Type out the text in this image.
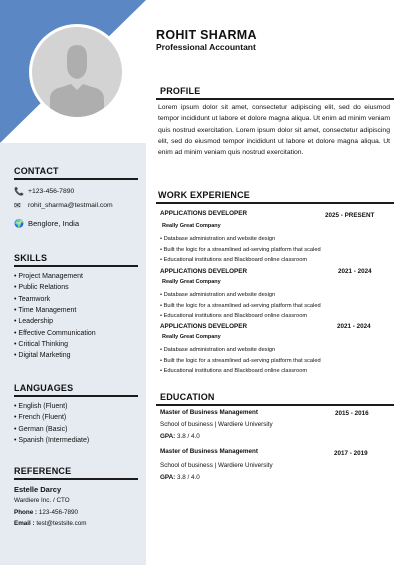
ROHIT SHARMA
Professional Accountant
CONTACT
📞 +123-456-7890
✉	rohit_sharma@testmail.com
🌍 Benglore, India
SKILLS
• Project Management
• Public Relations
• Teamwork
• Time Management
• Leadership
• Effective Communication
• Critical Thinking
• Digital Marketing
LANGUAGES
• English (Fluent)
• French (Fluent)
• German (Basic)
• Spanish (Intermediate)
REFERENCE
Estelle Darcy
Wardiere Inc. / CTO
Phone : 123-456-7890
Email : test@testsite.com
PROFILE
Lorem ipsum dolor sit amet, consectetur adipiscing elit, sed do eiusmod tempor incididunt ut labore et dolore magna aliqua. Ut enim ad minim veniam quis nostrud exercitation. Lorem ipsum dolor sit amet, consectetur adipiscing elit, sed do eiusmod tempor incididunt ut labore et dolore magna aliqua. Ut enim ad minim veniam quis nostrud exercitation.
WORK EXPERIENCE
APPLICATIONS DEVELOPER	2025 - PRESENT
Really Great Company
• Database administration and website design
• Built the logic for a streamlined ad-serving platform that scaled
• Educational institutions and Blackboard online classroom
APPLICATIONS DEVELOPER	2021 - 2024
Really Great Company
• Database administration and website design
• Built the logic for a streamlined ad-serving platform that scaled
• Educational institutions and Blackboard online classroom
APPLICATIONS DEVELOPER	2021 - 2024
Really Great Company
• Database administration and website design
• Built the logic for a streamlined ad-serving platform that scaled
• Educational institutions and Blackboard online classroom
EDUCATION
Master of Business Management	2015 - 2016
School of business | Wardiere University
GPA: 3.8 / 4.0
Master of Business Management	2017 - 2019
School of business | Wardiere University
GPA: 3.8 / 4.0
